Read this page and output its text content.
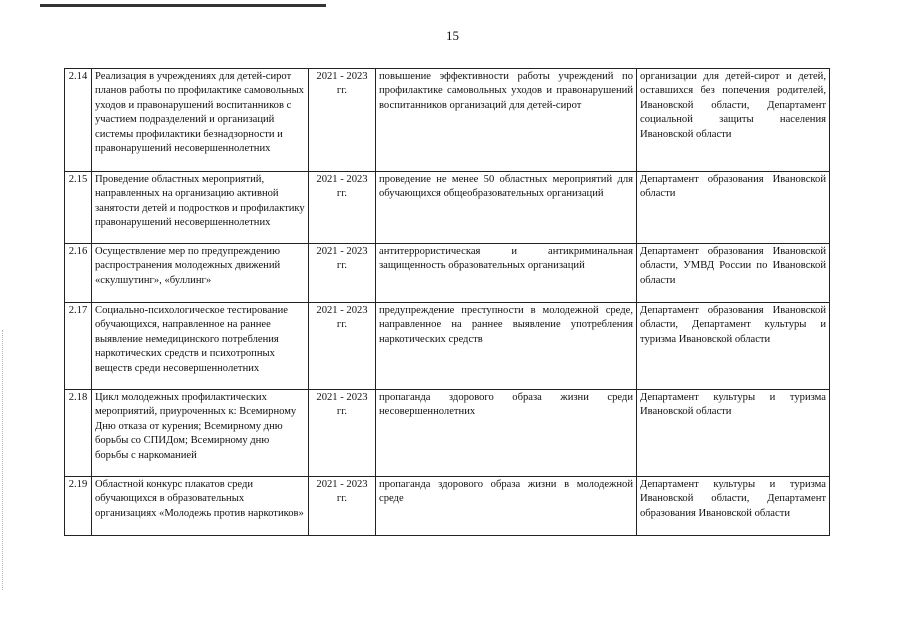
15
2.14	Реализация в учреждениях для детей-сирот планов работы по профилактике самовольных уходов и правонарушений воспитанников с участием подразделений и организаций системы профилактики безнадзорности и правонарушений несовершеннолетних	2021 - 2023 гг.	повышение эффективности работы учреждений по профилактике самовольных уходов и правонарушений воспитанников организаций для детей-сирот	организации для детей-сирот и детей, оставшихся без попечения родителей, Ивановской области, Департамент социальной защиты населения Ивановской области
2.15	Проведение областных мероприятий, направленных на организацию активной занятости детей и подростков и профилактику правонарушений несовершеннолетних	2021 - 2023 гг.	проведение не менее 50 областных мероприятий для обучающихся общеобразовательных организаций	Департамент образования Ивановской области
2.16	Осуществление мер по предупреждению распространения молодежных движений «скулшутинг», «буллинг»	2021 - 2023 гг.	антитеррористическая и антикриминальная защищенность образовательных организаций	Департамент образования Ивановской области, УМВД России по Ивановской области
2.17	Социально-психологическое тестирование обучающихся, направленное на раннее выявление немедицинского потребления наркотических средств и психотропных веществ среди несовершеннолетних	2021 - 2023 гг.	предупреждение преступности в молодежной среде, направленное на раннее выявление употребления наркотических средств	Департамент образования Ивановской области, Департамент культуры и туризма Ивановской области
2.18	Цикл молодежных профилактических мероприятий, приуроченных к: Всемирному Дню отказа от курения; Всемирному дню борьбы со СПИДом; Всемирному дню борьбы с наркоманией	2021 - 2023 гг.	пропаганда здорового образа жизни среди несовершеннолетних	Департамент культуры и туризма Ивановской области
2.19	Областной конкурс плакатов среди обучающихся в образовательных организациях «Молодежь против наркотиков»	2021 - 2023 гг.	пропаганда здорового образа жизни в молодежной среде	Департамент культуры и туризма Ивановской области, Департамент образования Ивановской области
